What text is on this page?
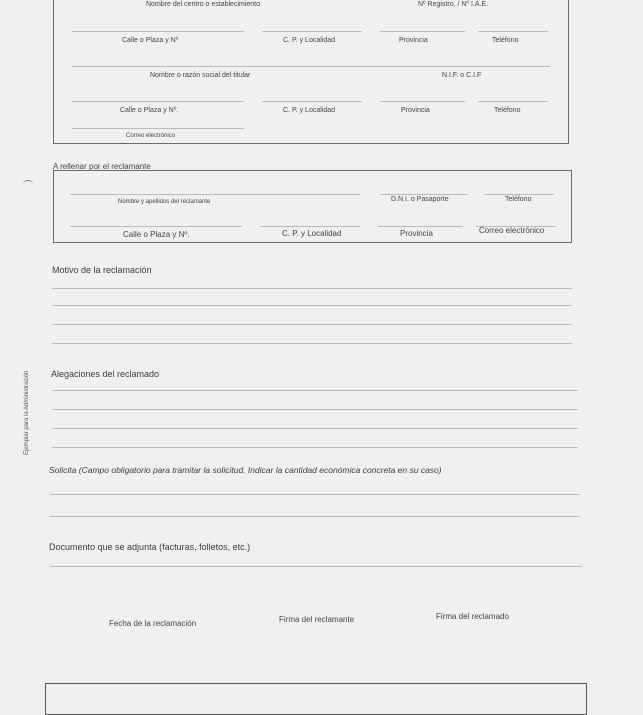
Nombre del centro o establecimiento	Nº Registro, / Nº I.A.E.
Calle o Plaza y Nº	C. P. y Localidad	Provincia	Teléfono
Nombre o razón social del titular	N.I.F. o C.I.F
Calle o Plaza y Nº.	C. P. y Localidad	Provincia	Teléfono
Correo electrónico
A rellenar por el reclamante
Nombre y apellidos del reclamante	D.N.I. o Pasaporte	Teléfono
Calle o Plaza y Nº.	C. P. y Localidad	Provincia	Correo electrónico
Motivo de la reclamación
Alegaciones del reclamado
Solicita (Campo obligatorio para tramitar la solicitud. Indicar la cantidad económica concreta en su caso)
Documento que se adjunta (facturas, folletos, etc.)
Fecha de la reclamación	Firma del reclamante	Firma del reclamado
Ejemplar para la Administración
